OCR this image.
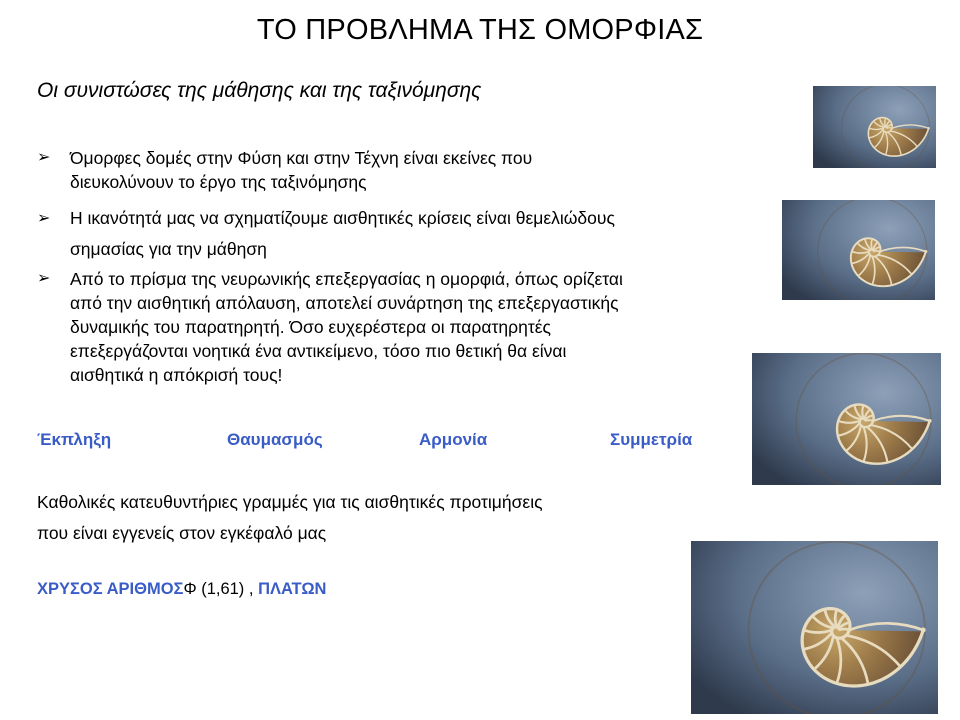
ΤΟ ΠΡΟΒΛΗΜΑ ΤΗΣ ΟΜΟΡΦΙΑΣ
Οι συνιστώσες της μάθησης και της ταξινόμησης
➢ Όμορφες δομές στην Φύση και στην Τέχνη είναι εκείνες που
διευκολύνουν το έργο της ταξινόμησης
➢ Η ικανότητά μας να σχηματίζουμε αισθητικές κρίσεις είναι θεμελιώδους
σημασίας για την μάθηση
➢ Από το πρίσμα της νευρωνικής επεξεργασίας η ομορφιά, όπως ορίζεται
από την αισθητική απόλαυση, αποτελεί συνάρτηση της επεξεργαστικής
δυναμικής του παρατηρητή. Όσο ευχερέστερα οι παρατηρητές
επεξεργάζονται νοητικά ένα αντικείμενο, τόσο πιο θετική θα είναι
αισθητικά η απόκρισή τους!
Έκπληξη	Θαυμασμός	Αρμονία	Συμμετρία
Καθολικές κατευθυντήριες γραμμές για τις αισθητικές προτιμήσεις
που είναι εγγενείς στον εγκέφαλό μας
ΧΡΥΣΟΣ ΑΡΙΘΜΟΣΦ (1,61) , ΠΛΑΤΩΝ
